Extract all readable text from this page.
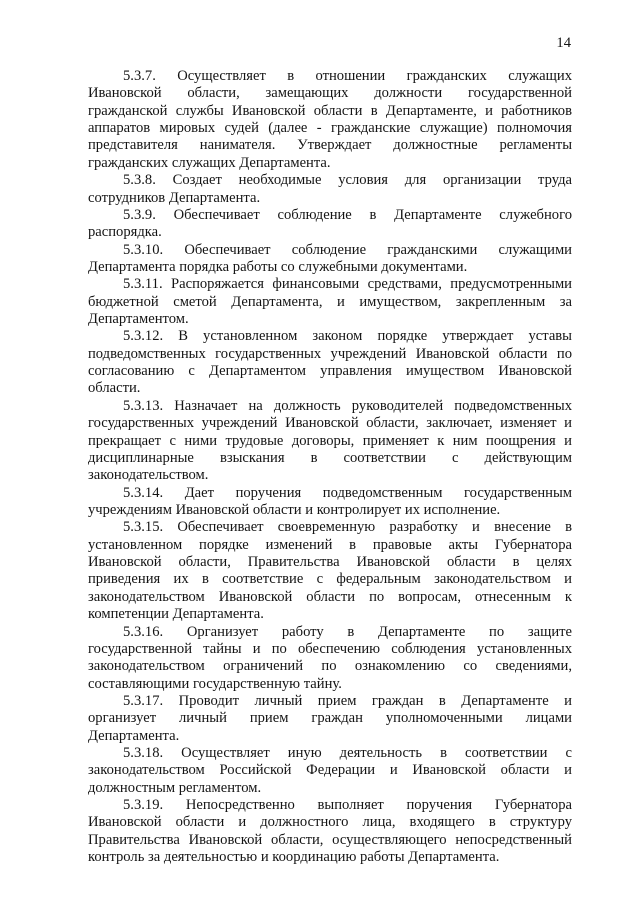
14
5.3.7. Осуществляет в отношении гражданских служащих
Ивановской области, замещающих должности государственной
гражданской службы Ивановской области в Департаменте, и работников
аппаратов мировых судей (далее - гражданские служащие) полномочия
представителя нанимателя. Утверждает должностные регламенты
гражданских служащих Департамента.
5.3.8. Создает необходимые условия для организации труда
сотрудников Департамента.
5.3.9. Обеспечивает соблюдение в Департаменте служебного
распорядка.
5.3.10. Обеспечивает соблюдение гражданскими служащими
Департамента порядка работы со служебными документами.
5.3.11. Распоряжается финансовыми средствами, предусмотренными
бюджетной сметой Департамента, и имуществом, закрепленным за
Департаментом.
5.3.12. В установленном законом порядке утверждает уставы
подведомственных государственных учреждений Ивановской области по
согласованию с Департаментом управления имуществом Ивановской
области.
5.3.13. Назначает на должность руководителей подведомственных
государственных учреждений Ивановской области, заключает, изменяет и
прекращает с ними трудовые договоры, применяет к ним поощрения и
дисциплинарные взыскания в соответствии с действующим
законодательством.
5.3.14. Дает поручения подведомственным государственным
учреждениям Ивановской области и контролирует их исполнение.
5.3.15. Обеспечивает своевременную разработку и внесение в
установленном порядке изменений в правовые акты Губернатора
Ивановской области, Правительства Ивановской области в целях
приведения их в соответствие с федеральным законодательством и
законодательством Ивановской области по вопросам, отнесенным к
компетенции Департамента.
5.3.16. Организует работу в Департаменте по защите
государственной тайны и по обеспечению соблюдения установленных
законодательством ограничений по ознакомлению со сведениями,
составляющими государственную тайну.
5.3.17. Проводит личный прием граждан в Департаменте и
организует личный прием граждан уполномоченными лицами
Департамента.
5.3.18. Осуществляет иную деятельность в соответствии с
законодательством Российской Федерации и Ивановской области и
должностным регламентом.
5.3.19. Непосредственно выполняет поручения Губернатора
Ивановской области и должностного лица, входящего в структуру
Правительства Ивановской области, осуществляющего непосредственный
контроль за деятельностью и координацию работы Департамента.
